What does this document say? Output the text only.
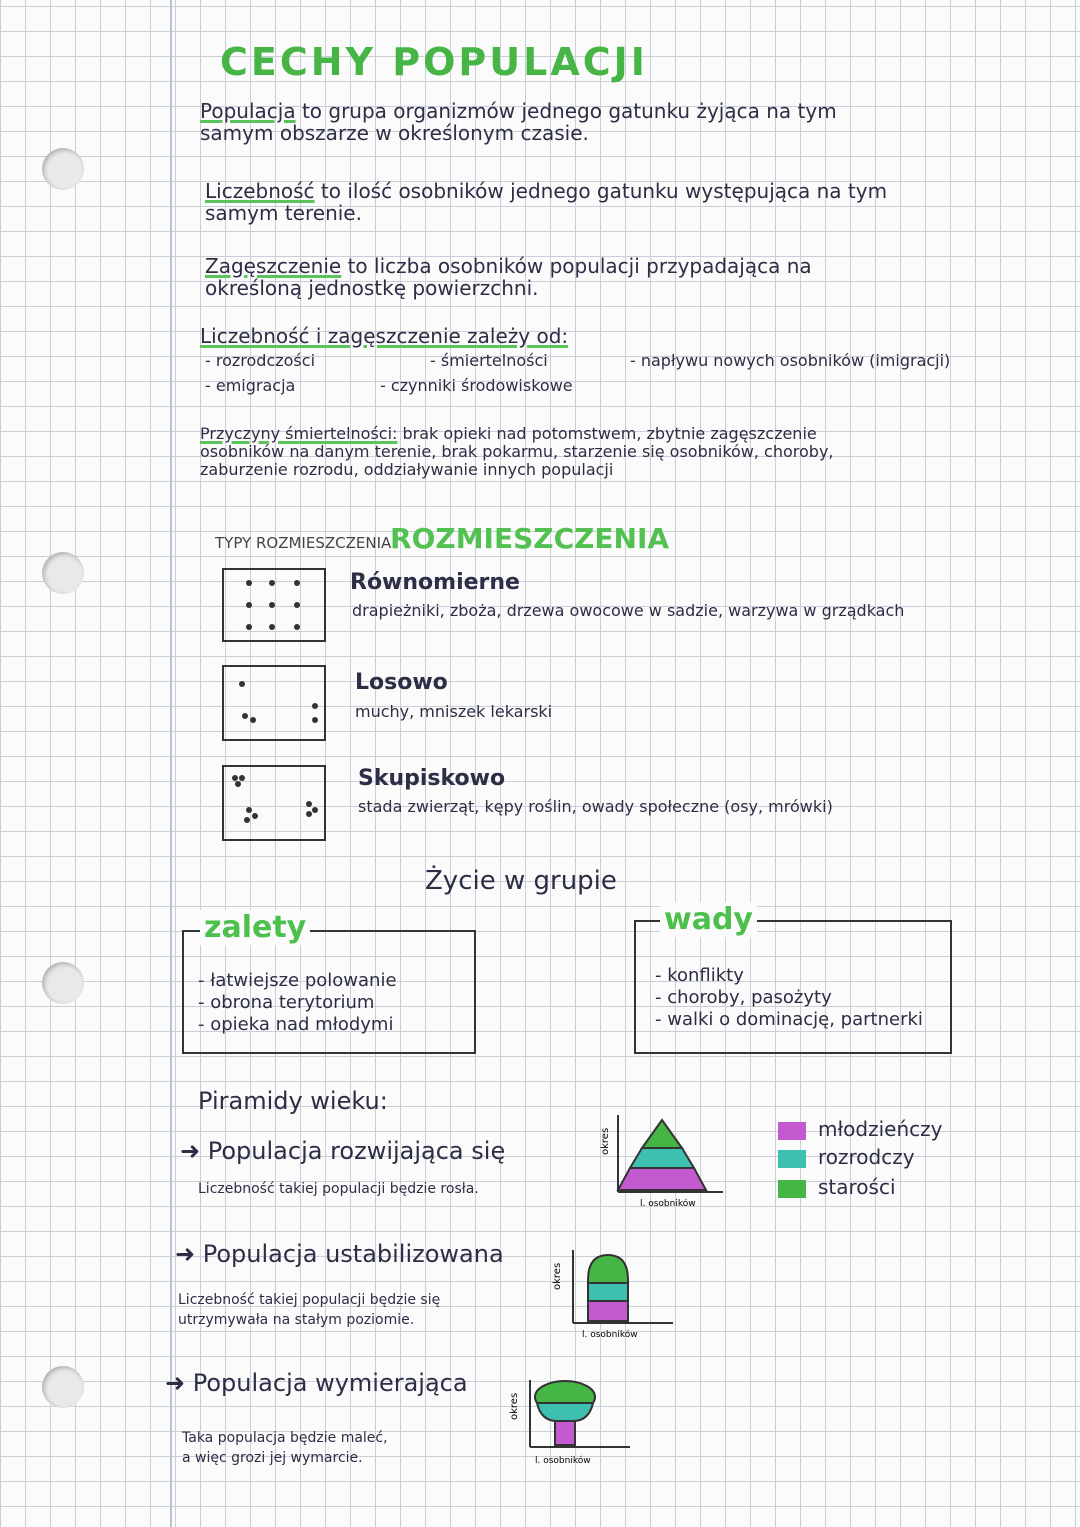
CECHY POPULACJI
Populacja to grupa organizmów jednego gatunku żyjąca na tym
samym obszarze w określonym czasie.
Liczebność to ilość osobników jednego gatunku występująca na tym
samym terenie.
Zagęszczenie to liczba osobników populacji przypadająca na
określoną jednostkę powierzchni.
Liczebność i zagęszczenie zależy od:
- rozrodczości	- śmiertelności	- napływu nowych osobników (imigracji)
- emigracja	- czynniki środowiskowe
Przyczyny śmiertelności: brak opieki nad potomstwem, zbytnie zagęszczenie
osobników na danym terenie, brak pokarmu, starzenie się osobników, choroby,
zaburzenie rozrodu, oddziaływanie innych populacji
TYPY ROZMIESZCZENIA ROZMIESZCZENIA
Równomierne
drapieżniki, zboża, drzewa owocowe w sadzie, warzywa w grządkach
Losowo
muchy, mniszek lekarski
Skupiskowo
stada zwierząt, kępy roślin, owady społeczne (osy, mrówki)
Życie w grupie
zalety
- łatwiejsze polowanie
- obrona terytorium
- opieka nad młodymi
wady
- konflikty
- choroby, pasożyty
- walki o dominację, partnerki
Piramidy wieku:
➜ Populacja rozwijająca się
Liczebność takiej populacji będzie rosła.
➜ Populacja ustabilizowana
Liczebność takiej populacji będzie się
utrzymywała na stałym poziomie.
➜ Populacja wymierająca
Taka populacja będzie maleć,
a więc grozi jej wymarcie.
okres
l. osobników
okres
l. osobników
okres
l. osobników
młodzieńczy
rozrodczy
starości
